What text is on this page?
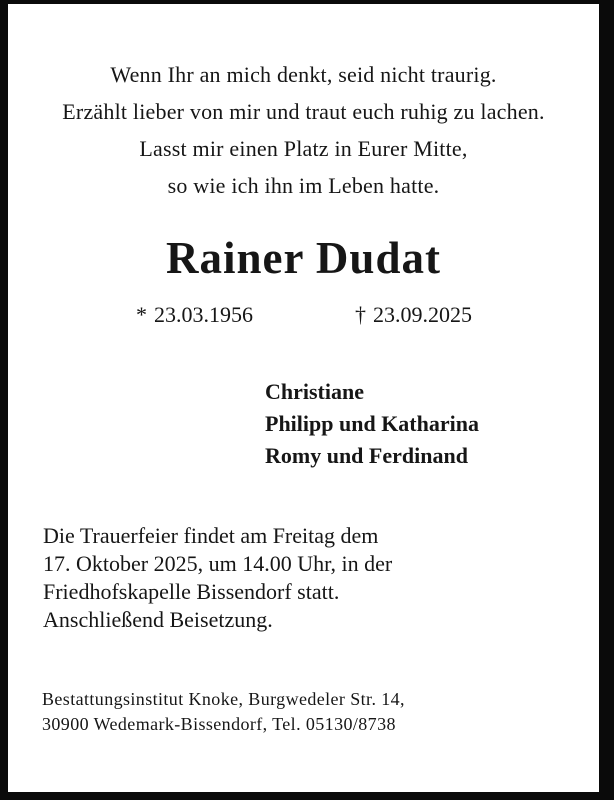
Wenn Ihr an mich denkt, seid nicht traurig.
Erzählt lieber von mir und traut euch ruhig zu lachen.
Lasst mir einen Platz in Eurer Mitte,
so wie ich ihn im Leben hatte.
Rainer Dudat
* 23.03.1956	† 23.09.2025
Christiane
Philipp und Katharina
Romy und Ferdinand
Die Trauerfeier findet am Freitag dem
17. Oktober 2025, um 14.00 Uhr, in der
Friedhofskapelle Bissendorf statt.
Anschließend Beisetzung.
Bestattungsinstitut Knoke, Burgwedeler Str. 14,
30900 Wedemark-Bissendorf, Tel. 05130/8738
